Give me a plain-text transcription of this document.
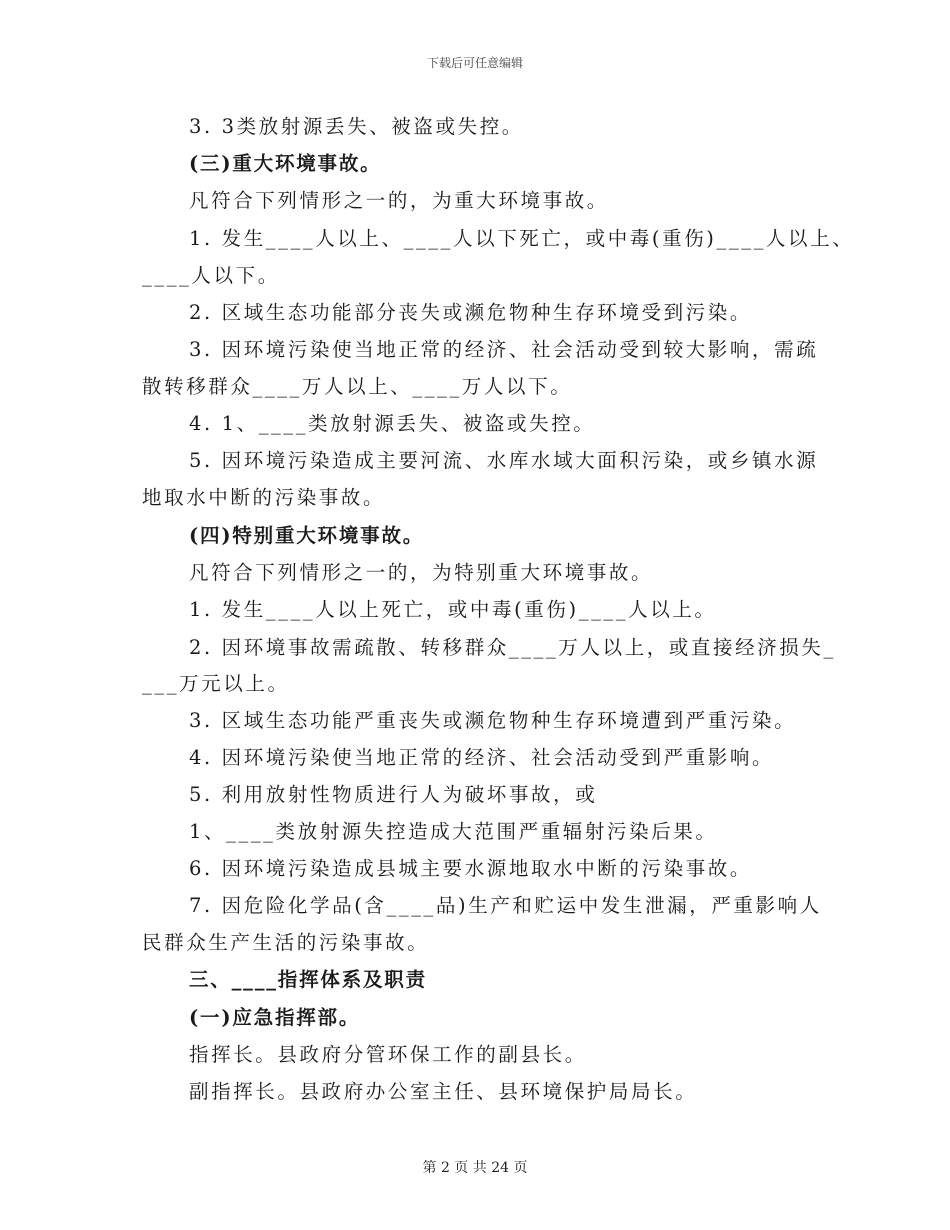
下载后可任意编辑
3. 3类放射源丢失、被盗或失控。
(三)重大环境事故。
凡符合下列情形之一的，为重大环境事故。
1. 发生____人以上、____人以下死亡，或中毒(重伤)____人以上、
____人以下。
2. 区域生态功能部分丧失或濒危物种生存环境受到污染。
3. 因环境污染使当地正常的经济、社会活动受到较大影响，需疏
散转移群众____万人以上、____万人以下。
4. 1、____类放射源丢失、被盗或失控。
5. 因环境污染造成主要河流、水库水域大面积污染，或乡镇水源
地取水中断的污染事故。
(四)特别重大环境事故。
凡符合下列情形之一的，为特别重大环境事故。
1. 发生____人以上死亡，或中毒(重伤)____人以上。
2. 因环境事故需疏散、转移群众____万人以上，或直接经济损失_
___万元以上。
3. 区域生态功能严重丧失或濒危物种生存环境遭到严重污染。
4. 因环境污染使当地正常的经济、社会活动受到严重影响。
5. 利用放射性物质进行人为破坏事故，或
1、____类放射源失控造成大范围严重辐射污染后果。
6. 因环境污染造成县城主要水源地取水中断的污染事故。
7. 因危险化学品(含____品)生产和贮运中发生泄漏，严重影响人
民群众生产生活的污染事故。
三、____指挥体系及职责
(一)应急指挥部。
指挥长。县政府分管环保工作的副县长。
副指挥长。县政府办公室主任、县环境保护局局长。
第 2 页 共 24 页
